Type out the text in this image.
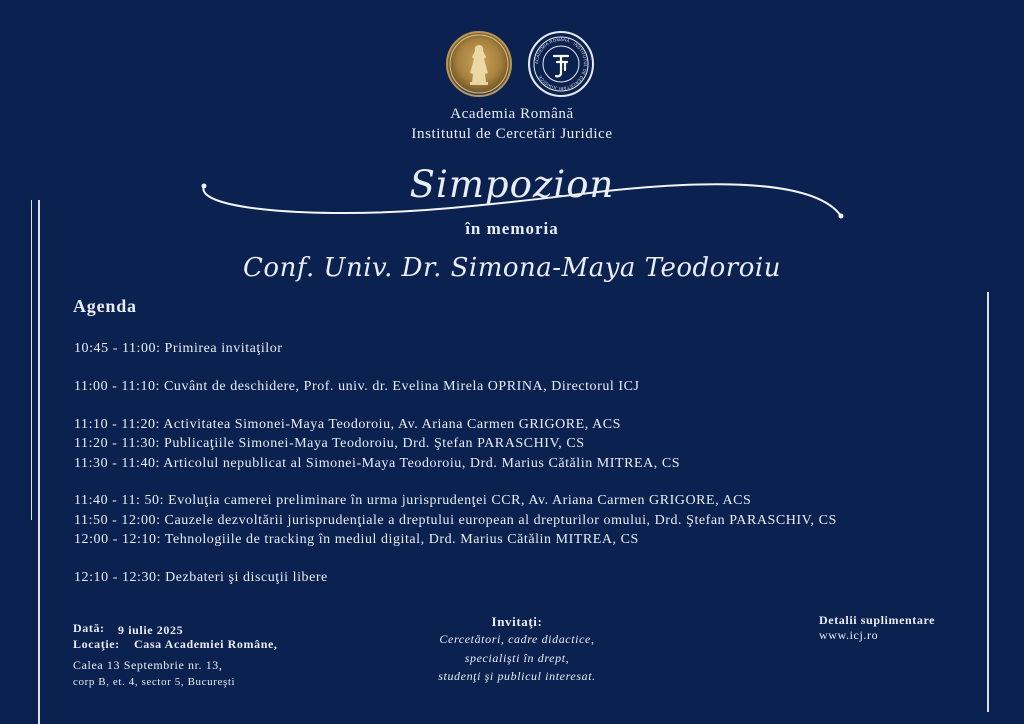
ACADEMIA ROMÂNĂ · INSTITUTUL DE CERCETĂRI JURIDICE
Academia Română
Institutul de Cercetări Juridice
Simpozion
în memoria
Conf. Univ. Dr. Simona-Maya Teodoroiu
Agenda
10:45 - 11:00: Primirea invitaţilor
11:00 - 11:10: Cuvânt de deschidere, Prof. univ. dr. Evelina Mirela OPRINA, Directorul ICJ
11:10 - 11:20: Activitatea Simonei-Maya Teodoroiu, Av. Ariana Carmen GRIGORE, ACS
11:20 - 11:30: Publicaţiile Simonei-Maya Teodoroiu, Drd. Ştefan PARASCHIV, CS
11:30 - 11:40: Articolul nepublicat al Simonei-Maya Teodoroiu, Drd. Marius Cătălin MITREA, CS
11:40 - 11: 50: Evoluţia camerei preliminare în urma jurisprudenţei CCR, Av. Ariana Carmen GRIGORE, ACS
11:50 - 12:00: Cauzele dezvoltării jurisprudenţiale a dreptului european al drepturilor omului, Drd. Ştefan PARASCHIV, CS
12:00 - 12:10: Tehnologiile de tracking în mediul digital, Drd. Marius Cătălin MITREA, CS
12:10 - 12:30: Dezbateri şi discuţii libere
Dată: 9 iulie 2025
Locaţie: Casa Academiei Române,
Calea 13 Septembrie nr. 13,
corp B, et. 4, sector 5, Bucureşti
Invitaţi:
Cercetători, cadre didactice,
specialişti în drept,
studenţi şi publicul interesat.
Detalii suplimentare
www.icj.ro
